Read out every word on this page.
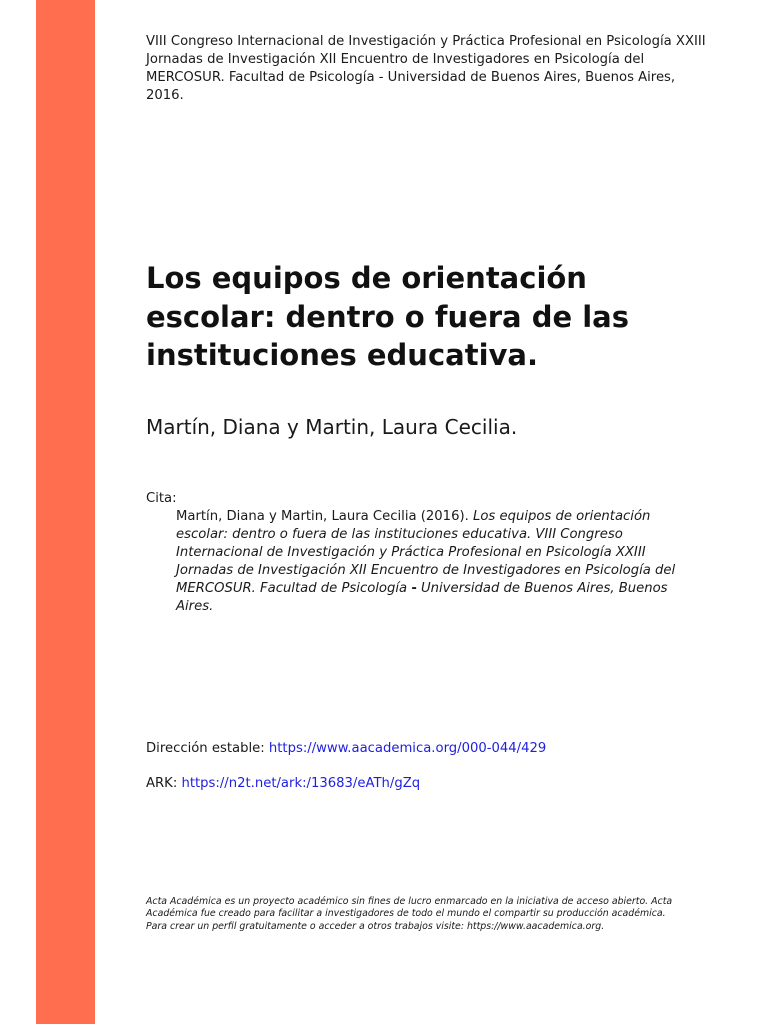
VIII Congreso Internacional de Investigación y Práctica Profesional en Psicología XXIII Jornadas de Investigación XII Encuentro de Investigadores en Psicología del MERCOSUR. Facultad de Psicología - Universidad de Buenos Aires, Buenos Aires, 2016.

Los equipos de orientación escolar: dentro o fuera de las instituciones educativa.

Martín, Diana y Martin, Laura Cecilia.

Cita:

Martín, Diana y Martin, Laura Cecilia (2016). Los equipos de orientación escolar: dentro o fuera de las instituciones educativa. VIII Congreso Internacional de Investigación y Práctica Profesional en Psicología XXIII Jornadas de Investigación XII Encuentro de Investigadores en Psicología del MERCOSUR. Facultad de Psicología - Universidad de Buenos Aires, Buenos Aires.

Dirección estable: https://www.aacademica.org/000-044/429

ARK: https://n2t.net/ark:/13683/eATh/gZq

Acta Académica es un proyecto académico sin fines de lucro enmarcado en la iniciativa de acceso abierto. Acta Académica fue creado para facilitar a investigadores de todo el mundo el compartir su producción académica. Para crear un perfil gratuitamente o acceder a otros trabajos visite: https://www.aacademica.org.
